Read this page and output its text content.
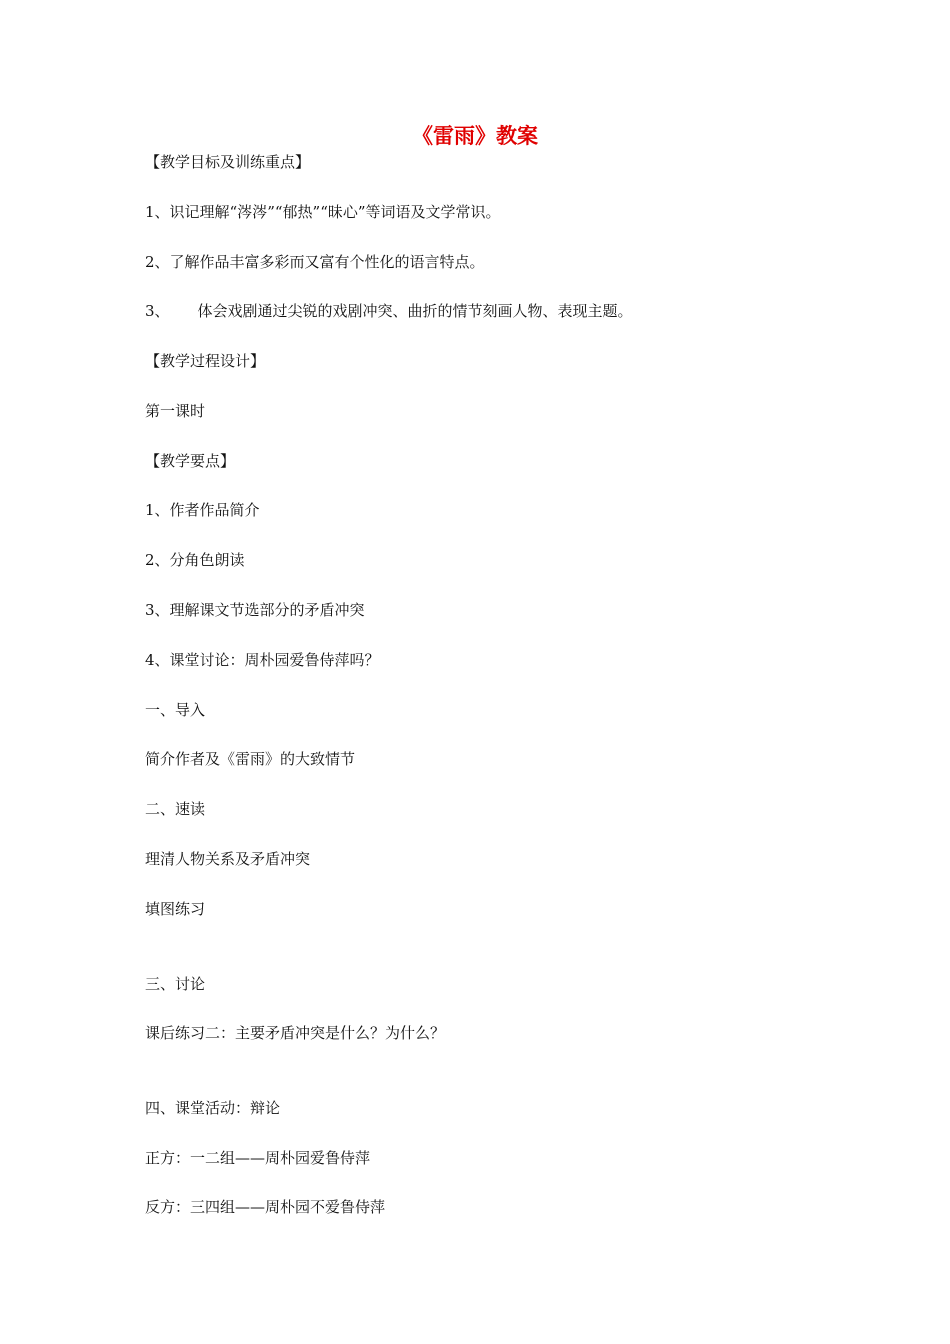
《雷雨》教案
【教学目标及训练重点】
1、识记理解“涔涔”“郁热”“昧心”等词语及文学常识。
2、了解作品丰富多彩而又富有个性化的语言特点。
3、 体会戏剧通过尖锐的戏剧冲突、曲折的情节刻画人物、表现主题。
【教学过程设计】
第一课时
【教学要点】
1、作者作品简介
2、分角色朗读
3、理解课文节选部分的矛盾冲突
4、课堂讨论：周朴园爱鲁侍萍吗？
一、导入
简介作者及《雷雨》的大致情节
二、速读
理清人物关系及矛盾冲突
填图练习
三、讨论
课后练习二：主要矛盾冲突是什么？为什么？
四、课堂活动：辩论
正方：一二组——周朴园爱鲁侍萍
反方：三四组——周朴园不爱鲁侍萍
